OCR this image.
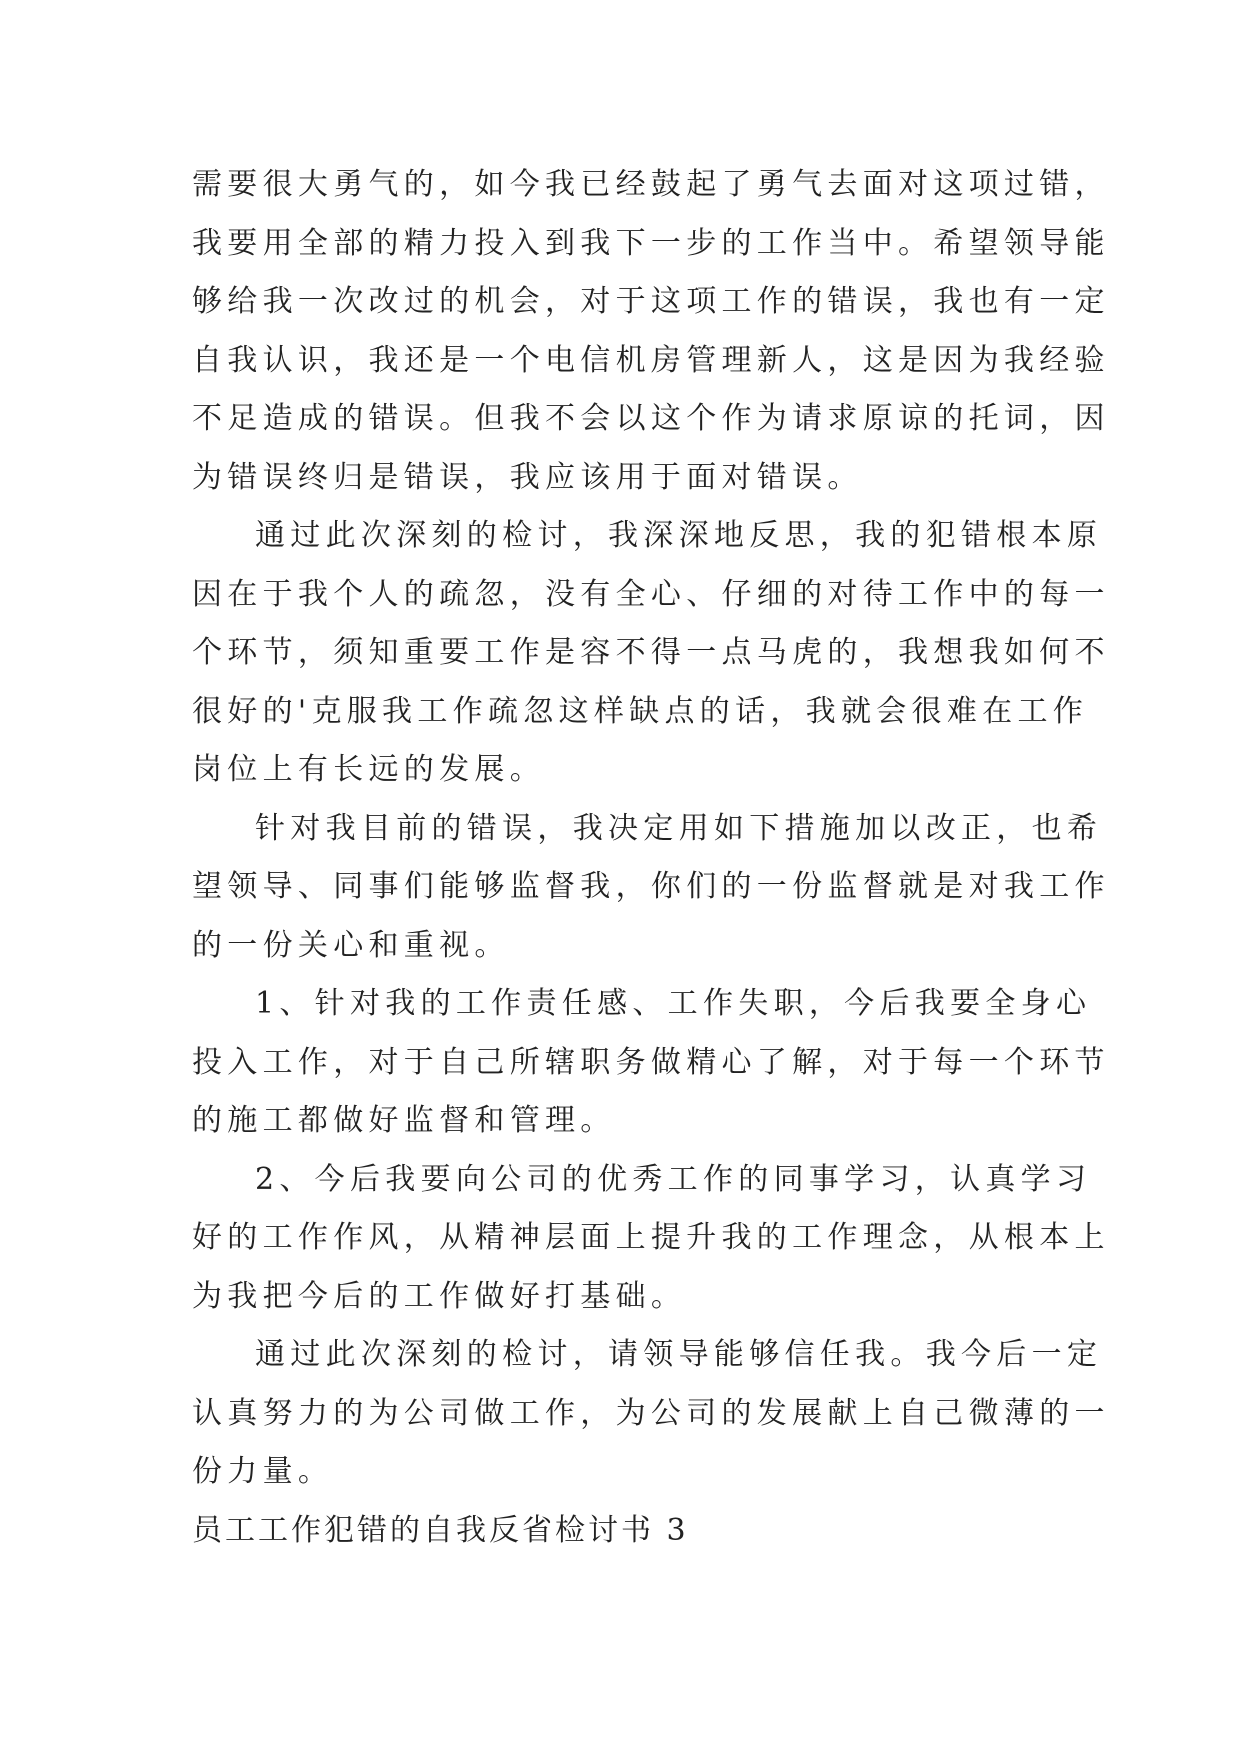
需要很大勇气的，如今我已经鼓起了勇气去面对这项过错，
我要用全部的精力投入到我下一步的工作当中。希望领导能
够给我一次改过的机会，对于这项工作的错误，我也有一定
自我认识，我还是一个电信机房管理新人，这是因为我经验
不足造成的错误。但我不会以这个作为请求原谅的托词，因
为错误终归是错误，我应该用于面对错误。
通过此次深刻的检讨，我深深地反思，我的犯错根本原
因在于我个人的疏忽，没有全心、仔细的对待工作中的每一
个环节，须知重要工作是容不得一点马虎的，我想我如何不
很好的'克服我工作疏忽这样缺点的话，我就会很难在工作
岗位上有长远的发展。
针对我目前的错误，我决定用如下措施加以改正，也希
望领导、同事们能够监督我，你们的一份监督就是对我工作
的一份关心和重视。
1、针对我的工作责任感、工作失职，今后我要全身心
投入工作，对于自己所辖职务做精心了解，对于每一个环节
的施工都做好监督和管理。
2、今后我要向公司的优秀工作的同事学习，认真学习
好的工作作风，从精神层面上提升我的工作理念，从根本上
为我把今后的工作做好打基础。
通过此次深刻的检讨，请领导能够信任我。我今后一定
认真努力的为公司做工作，为公司的发展献上自己微薄的一
份力量。
员工工作犯错的自我反省检讨书 3
